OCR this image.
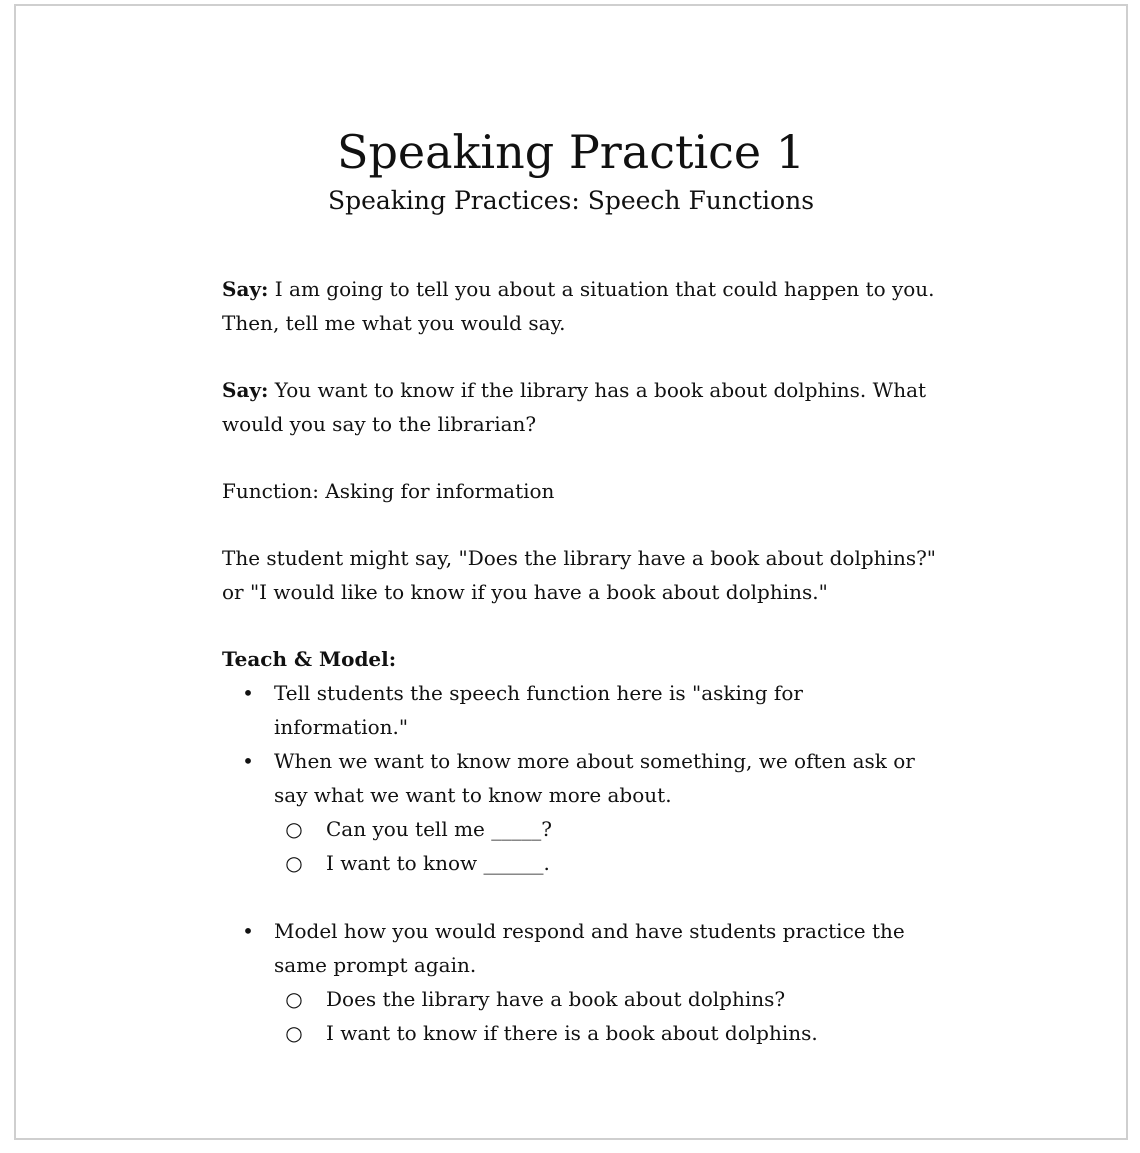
Speaking Practice 1
Speaking Practices: Speech Functions

Say: I am going to tell you about a situation that could happen to you. Then, tell me what you would say.

Say: You want to know if the library has a book about dolphins. What would you say to the librarian?

Function: Asking for information

The student might say, "Does the library have a book about dolphins?" or "I would like to know if you have a book about dolphins."

Teach & Model:

• Tell students the speech function here is "asking for information."
• When we want to know more about something, we often ask or say what we want to know more about.
○ Can you tell me _____?
○ I want to know ______.
• Model how you would respond and have students practice the same prompt again.
○ Does the library have a book about dolphins?
○ I want to know if there is a book about dolphins.
